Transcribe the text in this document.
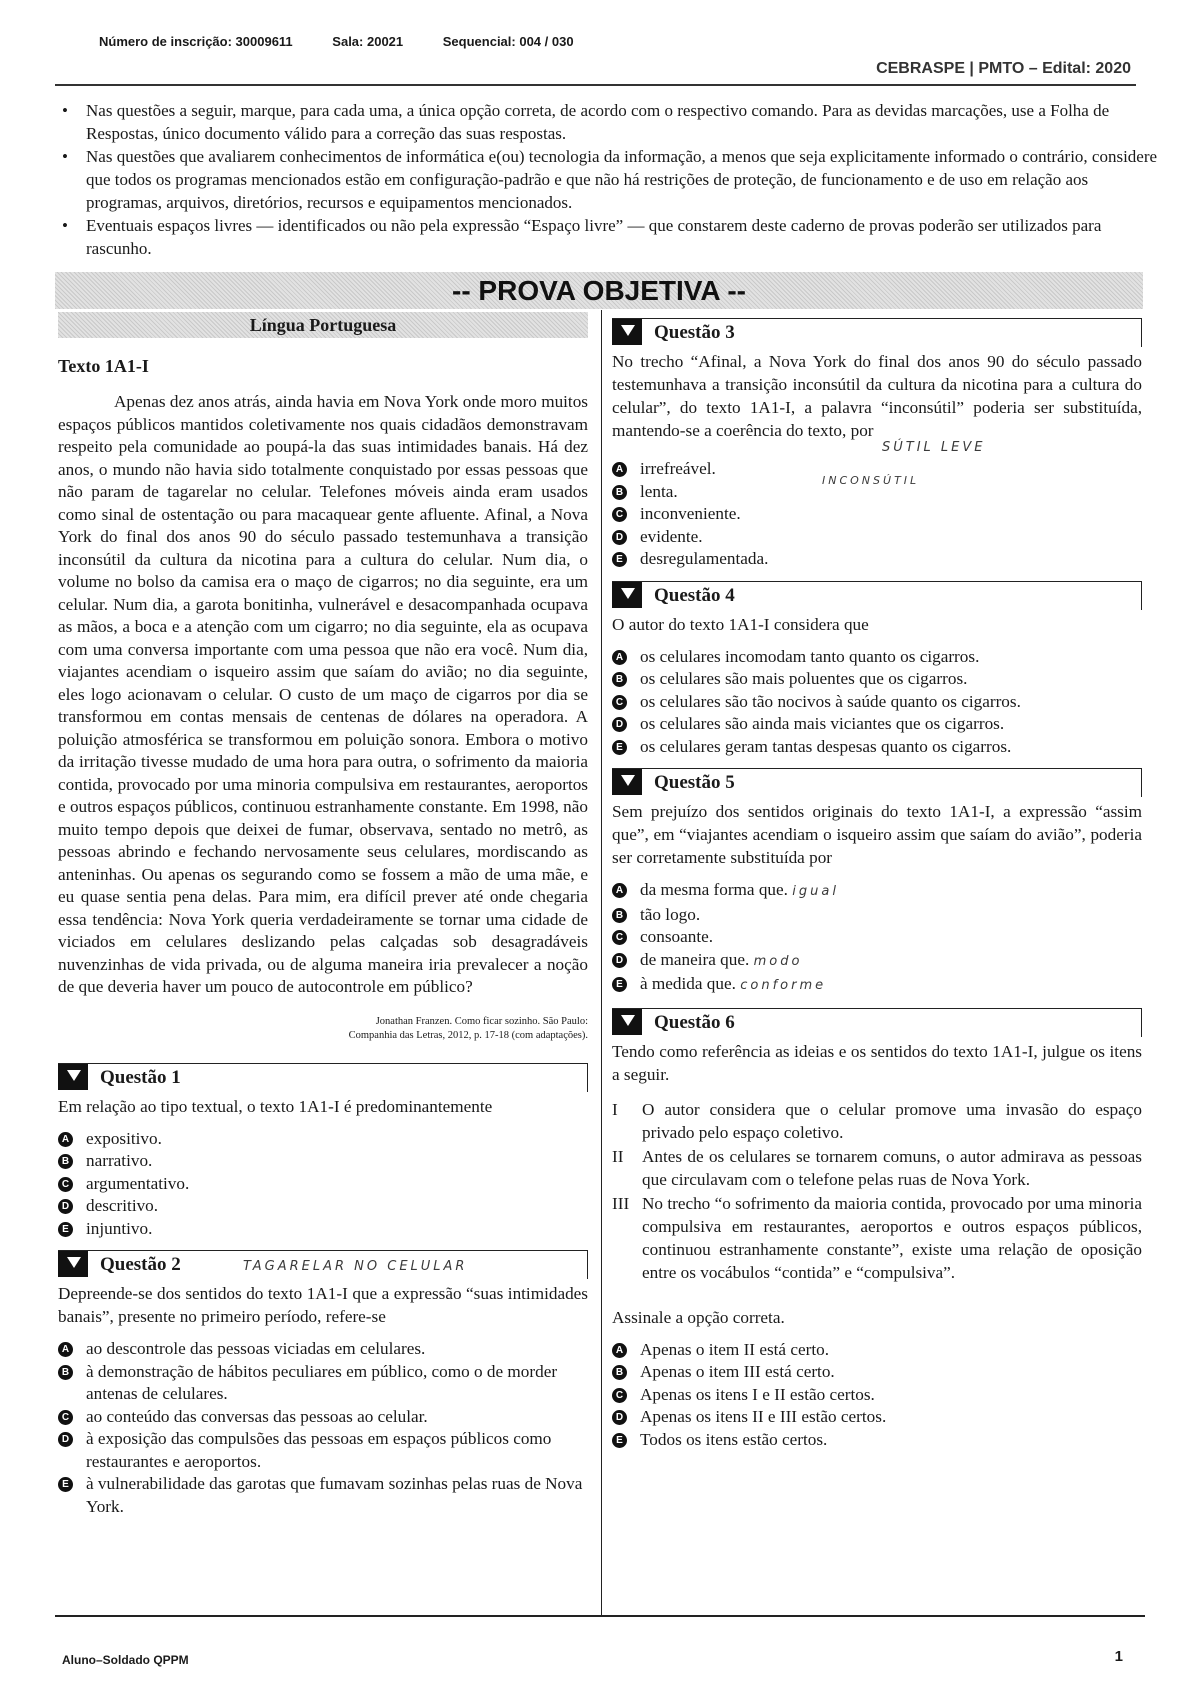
Número de inscrição: 30009611	Sala: 20021	Sequencial: 004 / 030
CEBRASPE | PMTO – Edital: 2020
• Nas questões a seguir, marque, para cada uma, a única opção correta, de acordo com o respectivo comando. Para as devidas marcações, use a Folha de Respostas, único documento válido para a correção das suas respostas.
• Nas questões que avaliarem conhecimentos de informática e(ou) tecnologia da informação, a menos que seja explicitamente informado o contrário, considere que todos os programas mencionados estão em configuração-padrão e que não há restrições de proteção, de funcionamento e de uso em relação aos programas, arquivos, diretórios, recursos e equipamentos mencionados.
• Eventuais espaços livres — identificados ou não pela expressão “Espaço livre” — que constarem deste caderno de provas poderão ser utilizados para rascunho.
-- PROVA OBJETIVA --
Língua Portuguesa
Texto 1A1-I

Apenas dez anos atrás, ainda havia em Nova York onde moro muitos espaços públicos mantidos coletivamente nos quais cidadãos demonstravam respeito pela comunidade ao poupá-la das suas intimidades banais. Há dez anos, o mundo não havia sido totalmente conquistado por essas pessoas que não param de tagarelar no celular. Telefones móveis ainda eram usados como sinal de ostentação ou para macaquear gente afluente. Afinal, a Nova York do final dos anos 90 do século passado testemunhava a transição inconsútil da cultura da nicotina para a cultura do celular. Num dia, o volume no bolso da camisa era o maço de cigarros; no dia seguinte, era um celular. Num dia, a garota bonitinha, vulnerável e desacompanhada ocupava as mãos, a boca e a atenção com um cigarro; no dia seguinte, ela as ocupava com uma conversa importante com uma pessoa que não era você. Num dia, viajantes acendiam o isqueiro assim que saíam do avião; no dia seguinte, eles logo acionavam o celular. O custo de um maço de cigarros por dia se transformou em contas mensais de centenas de dólares na operadora. A poluição atmosférica se transformou em poluição sonora. Embora o motivo da irritação tivesse mudado de uma hora para outra, o sofrimento da maioria contida, provocado por uma minoria compulsiva em restaurantes, aeroportos e outros espaços públicos, continuou estranhamente constante. Em 1998, não muito tempo depois que deixei de fumar, observava, sentado no metrô, as pessoas abrindo e fechando nervosamente seus celulares, mordiscando as anteninhas. Ou apenas os segurando como se fossem a mão de uma mãe, e eu quase sentia pena delas. Para mim, era difícil prever até onde chegaria essa tendência: Nova York queria verdadeiramente se tornar uma cidade de viciados em celulares deslizando pelas calçadas sob desagradáveis nuvenzinhas de vida privada, ou de alguma maneira iria prevalecer a noção de que deveria haver um pouco de autocontrole em público?

Jonathan Franzen. Como ficar sozinho. São Paulo:
Companhia das Letras, 2012, p. 17-18 (com adaptações).
Questão 1
Em relação ao tipo textual, o texto 1A1-I é predominantemente
A expositivo.
B narrativo.
C argumentativo.
D descritivo.
E injuntivo.
Questão 2	TAGARELAR NO CELULAR
Depreende-se dos sentidos do texto 1A1-I que a expressão “suas intimidades banais”, presente no primeiro período, refere-se
A ao descontrole das pessoas viciadas em celulares.
B à demonstração de hábitos peculiares em público, como o de morder antenas de celulares.
C ao conteúdo das conversas das pessoas ao celular.
D à exposição das compulsões das pessoas em espaços públicos como restaurantes e aeroportos.
E à vulnerabilidade das garotas que fumavam sozinhas pelas ruas de Nova York.
Questão 3
No trecho “Afinal, a Nova York do final dos anos 90 do século passado testemunhava a transição inconsútil da cultura da nicotina para a cultura do celular”, do texto 1A1-I, a palavra “inconsútil” poderia ser substituída, mantendo-se a coerência do texto, por
SÚTIL LEVE
INCONSÚTIL
A irrefreável.
B lenta.
C inconveniente.
D evidente.
E desregulamentada.
Questão 4
O autor do texto 1A1-I considera que
A os celulares incomodam tanto quanto os cigarros.
B os celulares são mais poluentes que os cigarros.
C os celulares são tão nocivos à saúde quanto os cigarros.
D os celulares são ainda mais viciantes que os cigarros.
E os celulares geram tantas despesas quanto os cigarros.
Questão 5
Sem prejuízo dos sentidos originais do texto 1A1-I, a expressão “assim que”, em “viajantes acendiam o isqueiro assim que saíam do avião”, poderia ser corretamente substituída por
A da mesma forma que. igual
B tão logo.
C consoante.
D de maneira que. modo
E à medida que. conforme
Questão 6
Tendo como referência as ideias e os sentidos do texto 1A1-I, julgue os itens a seguir.
I O autor considera que o celular promove uma invasão do espaço privado pelo espaço coletivo.
II Antes de os celulares se tornarem comuns, o autor admirava as pessoas que circulavam com o telefone pelas ruas de Nova York.
III No trecho “o sofrimento da maioria contida, provocado por uma minoria compulsiva em restaurantes, aeroportos e outros espaços públicos, continuou estranhamente constante”, existe uma relação de oposição entre os vocábulos “contida” e “compulsiva”.
Assinale a opção correta.
A Apenas o item II está certo.
B Apenas o item III está certo.
C Apenas os itens I e II estão certos.
D Apenas os itens II e III estão certos.
E Todos os itens estão certos.
Aluno–Soldado QPPM	1
